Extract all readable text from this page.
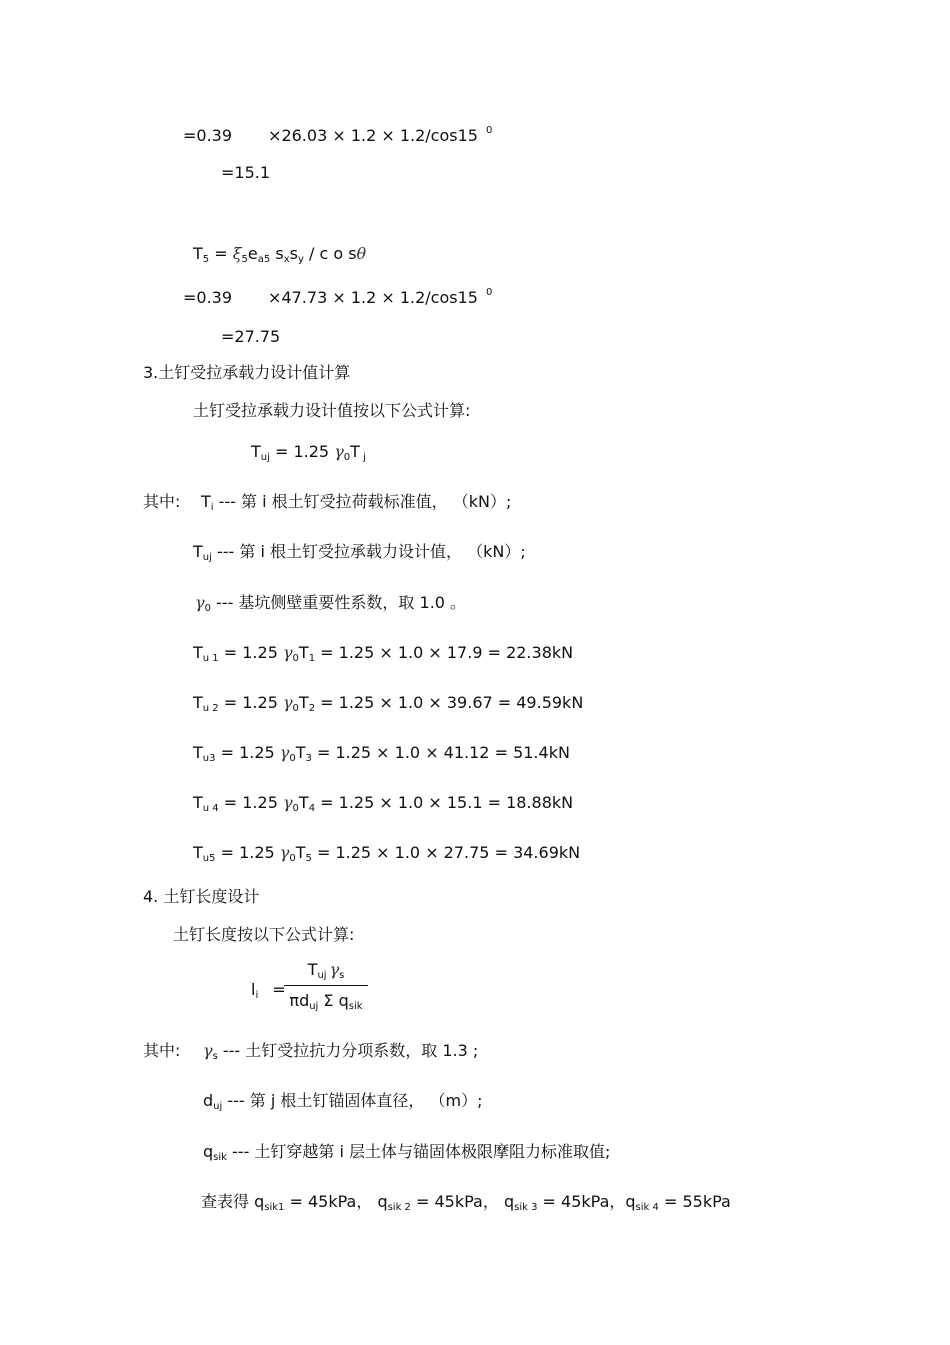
=0.39 ×26.03 × 1.2 × 1.2/cos15 $^0$
=15.1
$T_5 = \xi_5e_{a5}$ $s_xs_y$ / c o sθ
=0.39 ×47.73 × 1.2 × 1.2/cos15 $^0$
=27.75
3.土钉受拉承载力设计值计算
土钉受拉承载力设计值按以下公式计算:
$T_{uj} = 1.25$ $\gamma_0T$ $_j$
其中: $T_i$ --- 第 i 根土钉受拉荷载标准值， （kN）;
$T_{uj}$ --- 第 i 根土钉受拉承载力设计值， （kN）;
$\gamma_0$ --- 基坑侧壁重要性系数，取 1.0 。
$T_{u 1} = 1.25$ $\gamma_0T_1 = 1.25 \times 1.0 \times 17.9 = 22.38kN$
$T_{u 2} = 1.25$ $\gamma_0T_2 = 1.25 \times 1.0 \times 39.67 = 49.59kN$
$T_{u3} = 1.25$ $\gamma_0T_3 = 1.25 \times 1.0 \times 41.12 = 51.4kN$
$T_{u 4} = 1.25$ $\gamma_0T_4 = 1.25 \times 1.0 \times 15.1 = 18.88kN$
$T_{u5} = 1.25$ $\gamma_0T_5 = 1.25 \times 1.0 \times 27.75 = 34.69kN$
4. 土钉长度设计
土钉长度按以下公式计算:
$l_i$ =
$T_{uj}$ $\gamma_s$
$\pi d_{uj}$ Σ $q_{sik}$
其中: $\gamma_s$ --- 土钉受拉抗力分项系数，取 1.3 ;
$d_{uj}$ --- 第 j 根土钉锚固体直径， （m）;
$q_{sik}$ --- 土钉穿越第 i 层土体与锚固体极限摩阻力标准取值;
查表得 $q_{sik1} = 45kPa$， $q_{sik 2} = 45kPa$， $q_{sik 3} = 45kPa$，$q_{sik 4} = 55kPa$
